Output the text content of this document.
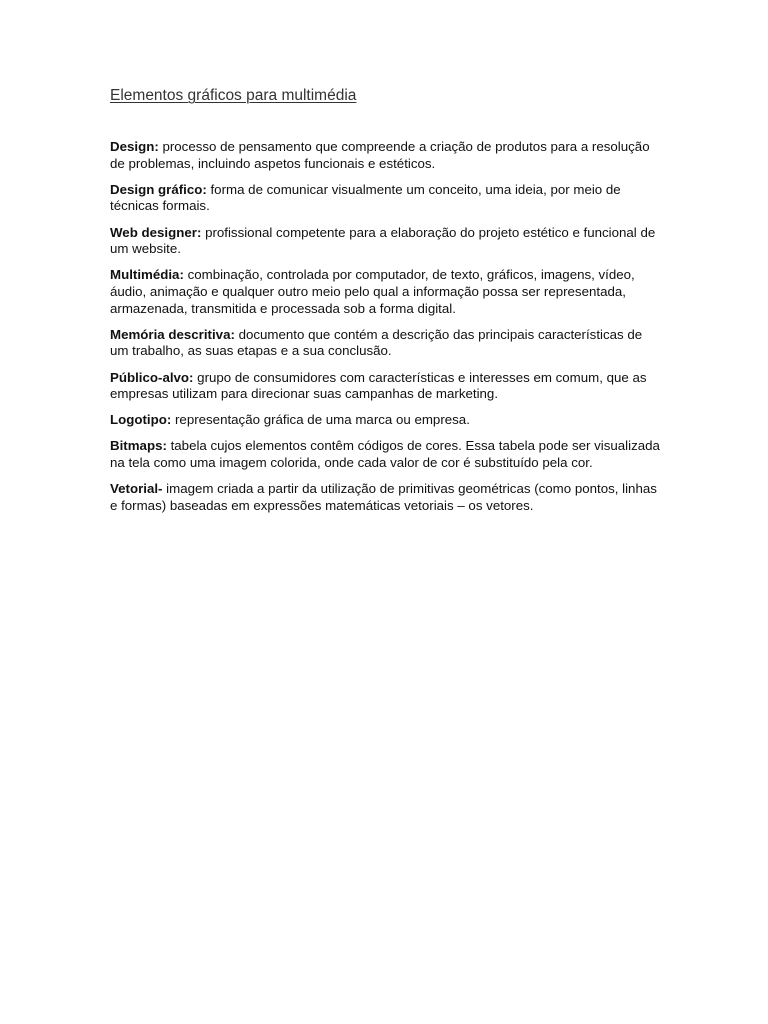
Elementos gráficos para multimédia

Design: processo de pensamento que compreende a criação de produtos para a resolução de problemas, incluindo aspetos funcionais e estéticos.

Design gráfico: forma de comunicar visualmente um conceito, uma ideia, por meio de técnicas formais.

Web designer: profissional competente para a elaboração do projeto estético e funcional de um website.

Multimédia: combinação, controlada por computador, de texto, gráficos, imagens, vídeo, áudio, animação e qualquer outro meio pelo qual a informação possa ser representada, armazenada, transmitida e processada sob a forma digital.

Memória descritiva: documento que contém a descrição das principais características de um trabalho, as suas etapas e a sua conclusão.

Público-alvo: grupo de consumidores com características e interesses em comum, que as empresas utilizam para direcionar suas campanhas de marketing.

Logotipo: representação gráfica de uma marca ou empresa.

Bitmaps: tabela cujos elementos contêm códigos de cores. Essa tabela pode ser visualizada na tela como uma imagem colorida, onde cada valor de cor é substituído pela cor.

Vetorial- imagem criada a partir da utilização de primitivas geométricas (como pontos, linhas e formas) baseadas em expressões matemáticas vetoriais – os vetores.
